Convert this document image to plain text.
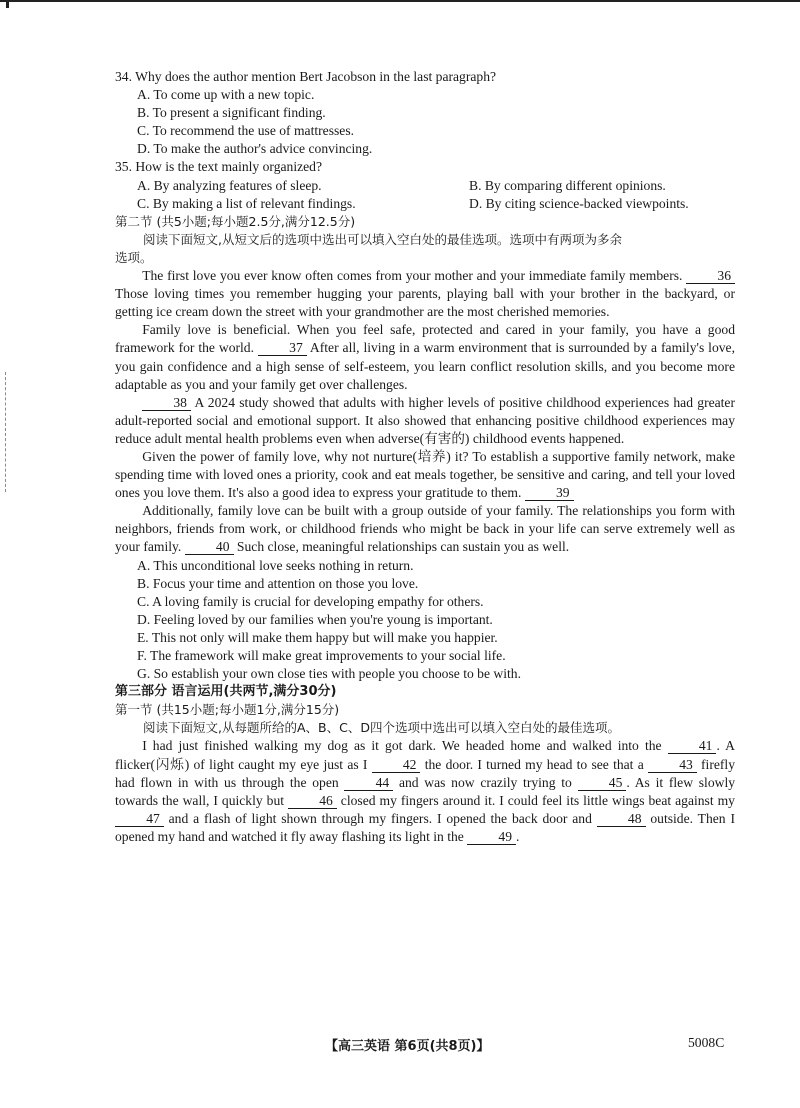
34. Why does the author mention Bert Jacobson in the last paragraph?
A. To come up with a new topic.
B. To present a significant finding.
C. To recommend the use of mattresses.
D. To make the author's advice convincing.
35. How is the text mainly organized?
A. By analyzing features of sleep.	B. By comparing different opinions.
C. By making a list of relevant findings.	D. By citing science-backed viewpoints.
第二节 (共5小题;每小题2.5分,满分12.5分)
阅读下面短文,从短文后的选项中选出可以填入空白处的最佳选项。选项中有两项为多余
选项。

The first love you ever know often comes from your mother and your immediate family members.	36 Those loving times you remember hugging your parents, playing ball with your brother in the backyard, or getting ice cream down the street with your grandmother are the most cherished memories.

Family love is beneficial. When you feel safe, protected and cared in your family, you have a good framework for the world.	37 After all, living in a warm environment that is surrounded by a family's love, you gain confidence and a high sense of self-esteem, you learn conflict resolution skills, and you become more adaptable as you and your family get over challenges.

38 A 2024 study showed that adults with higher levels of positive childhood experiences had greater adult-reported social and emotional support. It also showed that enhancing positive childhood experiences may reduce adult mental health problems even when adverse(有害的) childhood events happened.

Given the power of family love, why not nurture(培养) it? To establish a supportive family network, make spending time with loved ones a priority, cook and eat meals together, be sensitive and caring, and tell your loved ones you love them. It's also a good idea to express your gratitude to them.	39

Additionally, family love can be built with a group outside of your family. The relationships you form with neighbors, friends from work, or childhood friends who might be back in your life can serve extremely well as your family.	40 Such close, meaningful relationships can sustain you as well.

A. This unconditional love seeks nothing in return.
B. Focus your time and attention on those you love.
C. A loving family is crucial for developing empathy for others.
D. Feeling loved by our families when you're young is important.
E. This not only will make them happy but will make you happier.
F. The framework will make great improvements to your social life.
G. So establish your own close ties with people you choose to be with.
第三部分 语言运用(共两节,满分30分)
第一节 (共15小题;每小题1分,满分15分)
阅读下面短文,从每题所给的A、B、C、D四个选项中选出可以填入空白处的最佳选项。

I had just finished walking my dog as it got dark. We headed home and walked into the	41 . A flicker(闪烁) of light caught my eye just as I	42 the door. I turned my head to see that a	43 firefly had flown in with us through the open	44 and was now crazily trying to	45 . As it flew slowly towards the wall, I quickly but	46 closed my fingers around it. I could feel its little wings beat against my 47 and a flash of light shown through my fingers. I opened the back door and	48 outside. Then I opened my hand and watched it fly away flashing its light in the	49 .

【高三英语 第6页(共8页)】	5008C
